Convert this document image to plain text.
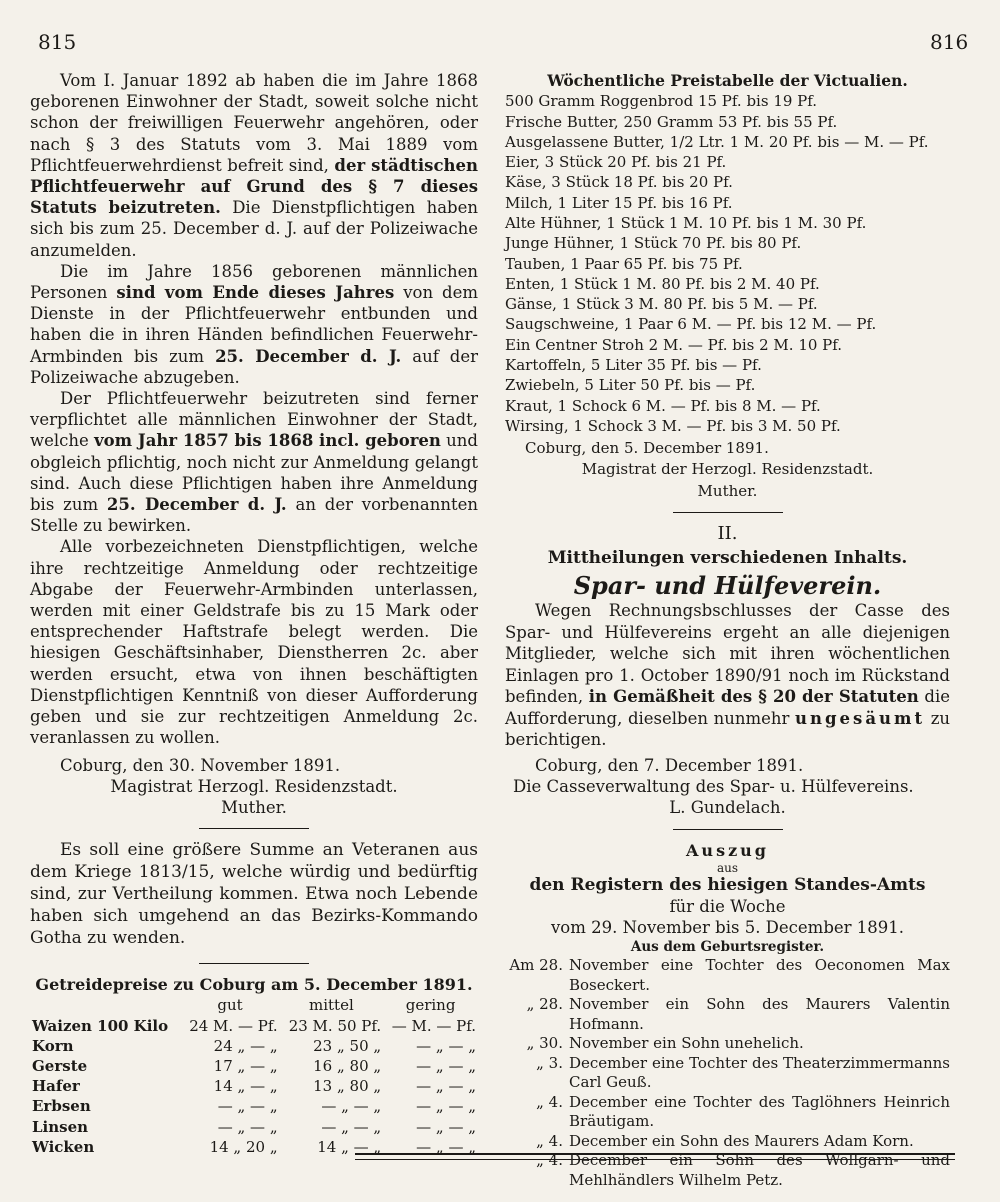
815	816

Vom I. Januar 1892 ab haben die im Jahre 1868 geborenen Einwohner der Stadt, soweit solche nicht schon der freiwilligen Feuerwehr angehören, oder nach § 3 des Statuts vom 3. Mai 1889 vom Pflichtfeuerwehrdienst befreit sind, der städtischen Pflichtfeuerwehr auf Grund des § 7 dieses Statuts beizutreten. Die Dienstpflichtigen haben sich bis zum 25. December d. J. auf der Polizeiwache anzumelden.

Die im Jahre 1856 geborenen männlichen Personen sind vom Ende dieses Jahres von dem Dienste in der Pflichtfeuerwehr entbunden und haben die in ihren Händen befindlichen Feuerwehr-Armbinden bis zum 25. December d. J. auf der Polizeiwache abzugeben.

Der Pflichtfeuerwehr beizutreten sind ferner verpflichtet alle männlichen Einwohner der Stadt, welche vom Jahr 1857 bis 1868 incl. geboren und obgleich pflichtig, noch nicht zur Anmeldung gelangt sind. Auch diese Pflichtigen haben ihre Anmeldung bis zum 25. December d. J. an der vorbenannten Stelle zu bewirken.

Alle vorbezeichneten Dienstpflichtigen, welche ihre rechtzeitige Anmeldung oder rechtzeitige Abgabe der Feuerwehr-Armbinden unterlassen, werden mit einer Geldstrafe bis zu 15 Mark oder entsprechender Haftstrafe belegt werden. Die hiesigen Geschäftsinhaber, Dienstherren 2c. aber werden ersucht, etwa von ihnen beschäftigten Dienstpflichtigen Kenntniß von dieser Aufforderung geben und sie zur rechtzeitigen Anmeldung 2c. veranlassen zu wollen.

Coburg, den 30. November 1891.

Magistrat Herzogl. Residenzstadt.

Muther.

Es soll eine größere Summe an Veteranen aus dem Kriege 1813/15, welche würdig und bedürftig sind, zur Vertheilung kommen. Etwa noch Lebende haben sich umgehend an das Bezirks-Kommando Gotha zu wenden.

Getreidepreise zu Coburg am 5. December 1891.

	gut	mittel	gering
Waizen 100 Kilo	24 M. — Pf.	23 M. 50 Pf.	— M. — Pf.
Korn	24 „ — „	23 „ 50 „	— „ — „
Gerste	17 „ — „	16 „ 80 „	— „ — „
Hafer	14 „ — „	13 „ 80 „	— „ — „
Erbsen	— „ — „	— „ — „	— „ — „
Linsen	— „ — „	— „ — „	— „ — „
Wicken	14 „ 20 „	14 „ — „	— „ — „

Wöchentliche Preistabelle der Victualien.

500 Gramm Roggenbrod 15 Pf. bis 19 Pf.
Frische Butter, 250 Gramm 53 Pf. bis 55 Pf.
Ausgelassene Butter, 1/2 Ltr. 1 M. 20 Pf. bis — M. — Pf.
Eier, 3 Stück 20 Pf. bis 21 Pf.
Käse, 3 Stück 18 Pf. bis 20 Pf.
Milch, 1 Liter 15 Pf. bis 16 Pf.
Alte Hühner, 1 Stück 1 M. 10 Pf. bis 1 M. 30 Pf.
Junge Hühner, 1 Stück 70 Pf. bis 80 Pf.
Tauben, 1 Paar 65 Pf. bis 75 Pf.
Enten, 1 Stück 1 M. 80 Pf. bis 2 M. 40 Pf.
Gänse, 1 Stück 3 M. 80 Pf. bis 5 M. — Pf.
Saugschweine, 1 Paar 6 M. — Pf. bis 12 M. — Pf.
Ein Centner Stroh 2 M. — Pf. bis 2 M. 10 Pf.
Kartoffeln, 5 Liter 35 Pf. bis — Pf.
Zwiebeln, 5 Liter 50 Pf. bis — Pf.
Kraut, 1 Schock 6 M. — Pf. bis 8 M. — Pf.
Wirsing, 1 Schock 3 M. — Pf. bis 3 M. 50 Pf.

Coburg, den 5. December 1891.

Magistrat der Herzogl. Residenzstadt.

Muther.

II.

Mittheilungen verschiedenen Inhalts.

Spar- und Hülfeverein.

Wegen Rechnungsbschlusses der Casse des Spar- und Hülfevereins ergeht an alle diejenigen Mitglieder, welche sich mit ihren wöchentlichen Einlagen pro 1. October 1890/91 noch im Rückstand befinden, in Gemäßheit des § 20 der Statuten die Aufforderung, dieselben nunmehr ungesäumt zu berichtigen.

Coburg, den 7. December 1891.

Die Casseverwaltung des Spar- u. Hülfevereins.

L. Gundelach.

Auszug

aus

den Registern des hiesigen Standes-Amts

für die Woche

vom 29. November bis 5. December 1891.

Aus dem Geburtsregister.

Am 28. November eine Tochter des Oeconomen Max Boseckert.
„ 28. November ein Sohn des Maurers Valentin Hofmann.
„ 30. November ein Sohn unehelich.
„ 3. December eine Tochter des Theaterzimmermanns Carl Geuß.
„ 4. December eine Tochter des Taglöhners Heinrich Bräutigam.
„ 4. December ein Sohn des Maurers Adam Korn.
„ 4. December ein Sohn des Wollgarn- und Mehlhändlers Wilhelm Petz.
